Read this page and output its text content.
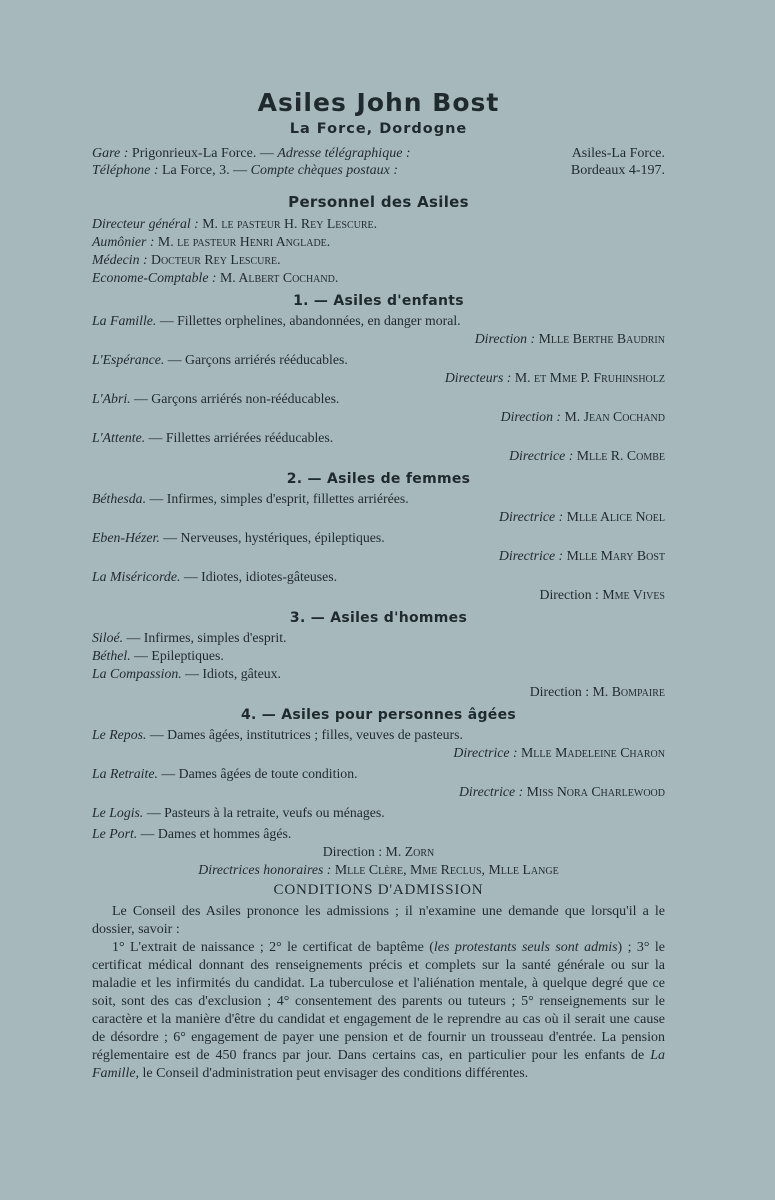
Asiles John Bost
La Force, Dordogne
Gare : Prigonrieux-La Force. — Adresse télégraphique :	Asiles-La Force.
Téléphone : La Force, 3. — Compte chèques postaux :	Bordeaux 4-197.
Personnel des Asiles
Directeur général : M. le pasteur H. Rey Lescure.
Aumônier : M. le pasteur Henri Anglade.
Médecin : Docteur Rey Lescure.
Econome-Comptable : M. Albert Cochand.
1. — Asiles d'enfants
La Famille. — Fillettes orphelines, abandonnées, en danger moral.
Direction : Mlle Berthe Baudrin
L'Espérance. — Garçons arriérés rééducables.
Directeurs : M. et Mme P. Fruhinsholz
L'Abri. — Garçons arriérés non-rééducables.
Direction : M. Jean Cochand
L'Attente. — Fillettes arriérées rééducables.
Directrice : Mlle R. Combe
2. — Asiles de femmes
Béthesda. — Infirmes, simples d'esprit, fillettes arriérées.
Directrice : Mlle Alice Noel
Eben-Hézer. — Nerveuses, hystériques, épileptiques.
Directrice : Mlle Mary Bost
La Miséricorde. — Idiotes, idiotes-gâteuses.
Direction : Mme Vives
3. — Asiles d'hommes
Siloé. — Infirmes, simples d'esprit.
Béthel. — Epileptiques.
La Compassion. — Idiots, gâteux.
Direction : M. Bompaire
4. — Asiles pour personnes âgées
Le Repos. — Dames âgées, institutrices ; filles, veuves de pasteurs.
Directrice : Mlle Madeleine Charon
La Retraite. — Dames âgées de toute condition.
Directrice : Miss Nora Charlewood
Le Logis. — Pasteurs à la retraite, veufs ou ménages.
Le Port. — Dames et hommes âgés.
Direction : M. Zorn
Directrices honoraires : Mlle Clère, Mme Reclus, Mlle Lange
CONDITIONS D'ADMISSION

Le Conseil des Asiles prononce les admissions ; il n'examine une demande que lorsqu'il a le dossier, savoir :

1° L'extrait de naissance ; 2° le certificat de baptême (les protestants seuls sont admis) ; 3° le certificat médical donnant des renseignements précis et complets sur la santé générale ou sur la maladie et les infirmités du candidat. La tuberculose et l'aliénation mentale, à quelque degré que ce soit, sont des cas d'exclusion ; 4° consentement des parents ou tuteurs ; 5° renseignements sur le caractère et la manière d'être du candidat et engagement de le reprendre au cas où il serait une cause de désordre ; 6° engagement de payer une pension et de fournir un trousseau d'entrée. La pension réglementaire est de 450 francs par jour. Dans certains cas, en particulier pour les enfants de La Famille, le Conseil d'administration peut envisager des conditions différentes.
